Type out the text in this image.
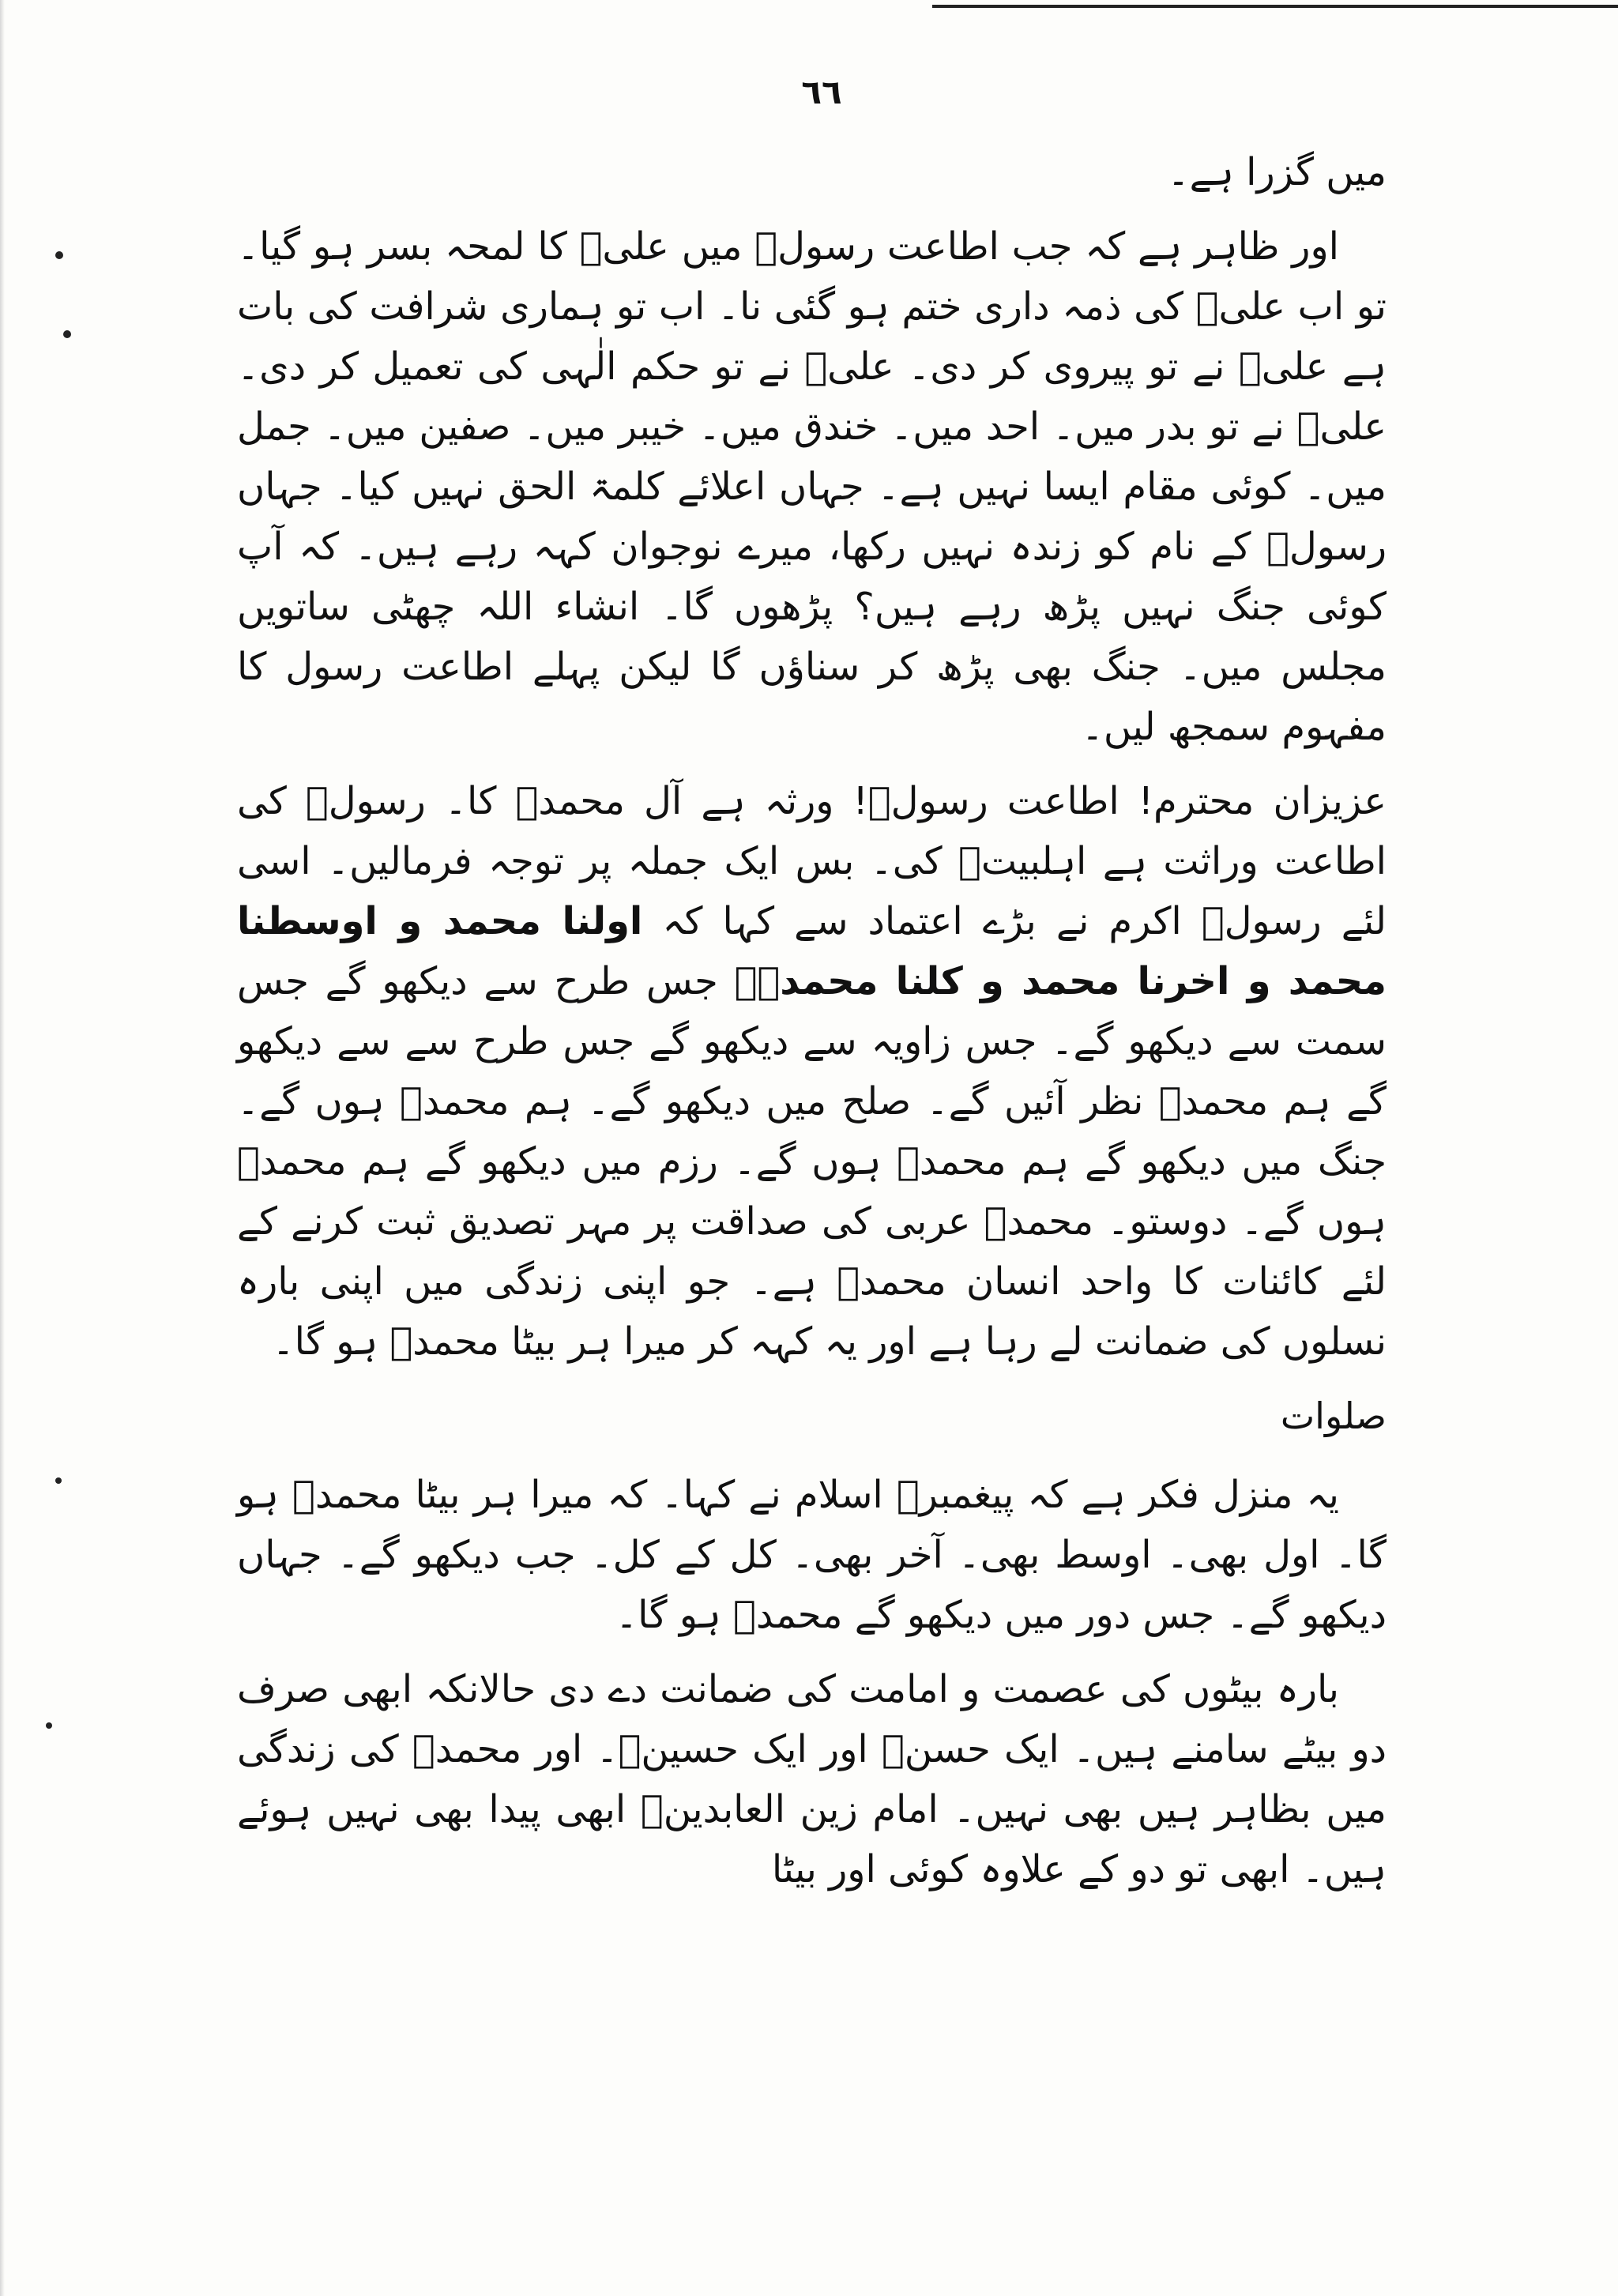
٦٦

میں گزرا ہے۔

اور ظاہر ہے کہ جب اطاعت رسولؐ میں علیؑ کا لمحہ بسر ہو گیا۔ تو اب علیؑ کی ذمہ داری ختم ہو گئی نا۔ اب تو ہماری شرافت کی بات ہے علیؑ نے تو پیروی کر دی۔ علیؑ نے تو حکم الٰہی کی تعمیل کر دی۔ علیؑ نے تو بدر میں۔ احد میں۔ خندق میں۔ خیبر میں۔ صفین میں۔ جمل میں۔ کوئی مقام ایسا نہیں ہے۔ جہاں اعلائے کلمۃ الحق نہیں کیا۔ جہاں رسولؐ کے نام کو زندہ نہیں رکھا، میرے نوجوان کہہ رہے ہیں۔ کہ آپ کوئی جنگ نہیں پڑھ رہے ہیں؟ پڑھوں گا۔ انشاء اللہ چھٹی ساتویں مجلس میں۔ جنگ بھی پڑھ کر سناؤں گا لیکن پہلے اطاعت رسول کا مفہوم سمجھ لیں۔

عزیزان محترم! اطاعت رسولؐ! ورثہ ہے آل محمدؐ کا۔ رسولؐ کی اطاعت وراثت ہے اہلبیتؑ کی۔ بس ایک جملہ پر توجہ فرمالیں۔ اسی لئے رسولؐ اکرم نے بڑے اعتماد سے کہا کہ اولنا محمد و اوسطنا محمد و اخرنا محمد و کلنا محمدؐ۔ جس طرح سے دیکھو گے جس سمت سے دیکھو گے۔ جس زاویہ سے دیکھو گے جس طرح سے سے دیکھو گے ہم محمدؐ نظر آئیں گے۔ صلح میں دیکھو گے۔ ہم محمدؐ ہوں گے۔ جنگ میں دیکھو گے ہم محمدؐ ہوں گے۔ رزم میں دیکھو گے ہم محمدؐ ہوں گے۔ دوستو۔ محمدؐ عربی کی صداقت پر مہر تصدیق ثبت کرنے کے لئے کائنات کا واحد انسان محمدؐ ہے۔ جو اپنی زندگی میں اپنی بارہ نسلوں کی ضمانت لے رہا ہے اور یہ کہہ کر میرا ہر بیٹا محمدؐ ہو گا۔

صلوات

یہ منزل فکر ہے کہ پیغمبرؐ اسلام نے کہا۔ کہ میرا ہر بیٹا محمدؐ ہو گا۔ اول بھی۔ اوسط بھی۔ آخر بھی۔ کل کے کل۔ جب دیکھو گے۔ جہاں دیکھو گے۔ جس دور میں دیکھو گے محمدؐ ہو گا۔

بارہ بیٹوں کی عصمت و امامت کی ضمانت دے دی حالانکہ ابھی صرف دو بیٹے سامنے ہیں۔ ایک حسنؑ اور ایک حسینؑ۔ اور محمدؐ کی زندگی میں بظاہر ہیں بھی نہیں۔ امام زین العابدینؑ ابھی پیدا بھی نہیں ہوئے ہیں۔ ابھی تو دو کے علاوہ کوئی اور بیٹا
